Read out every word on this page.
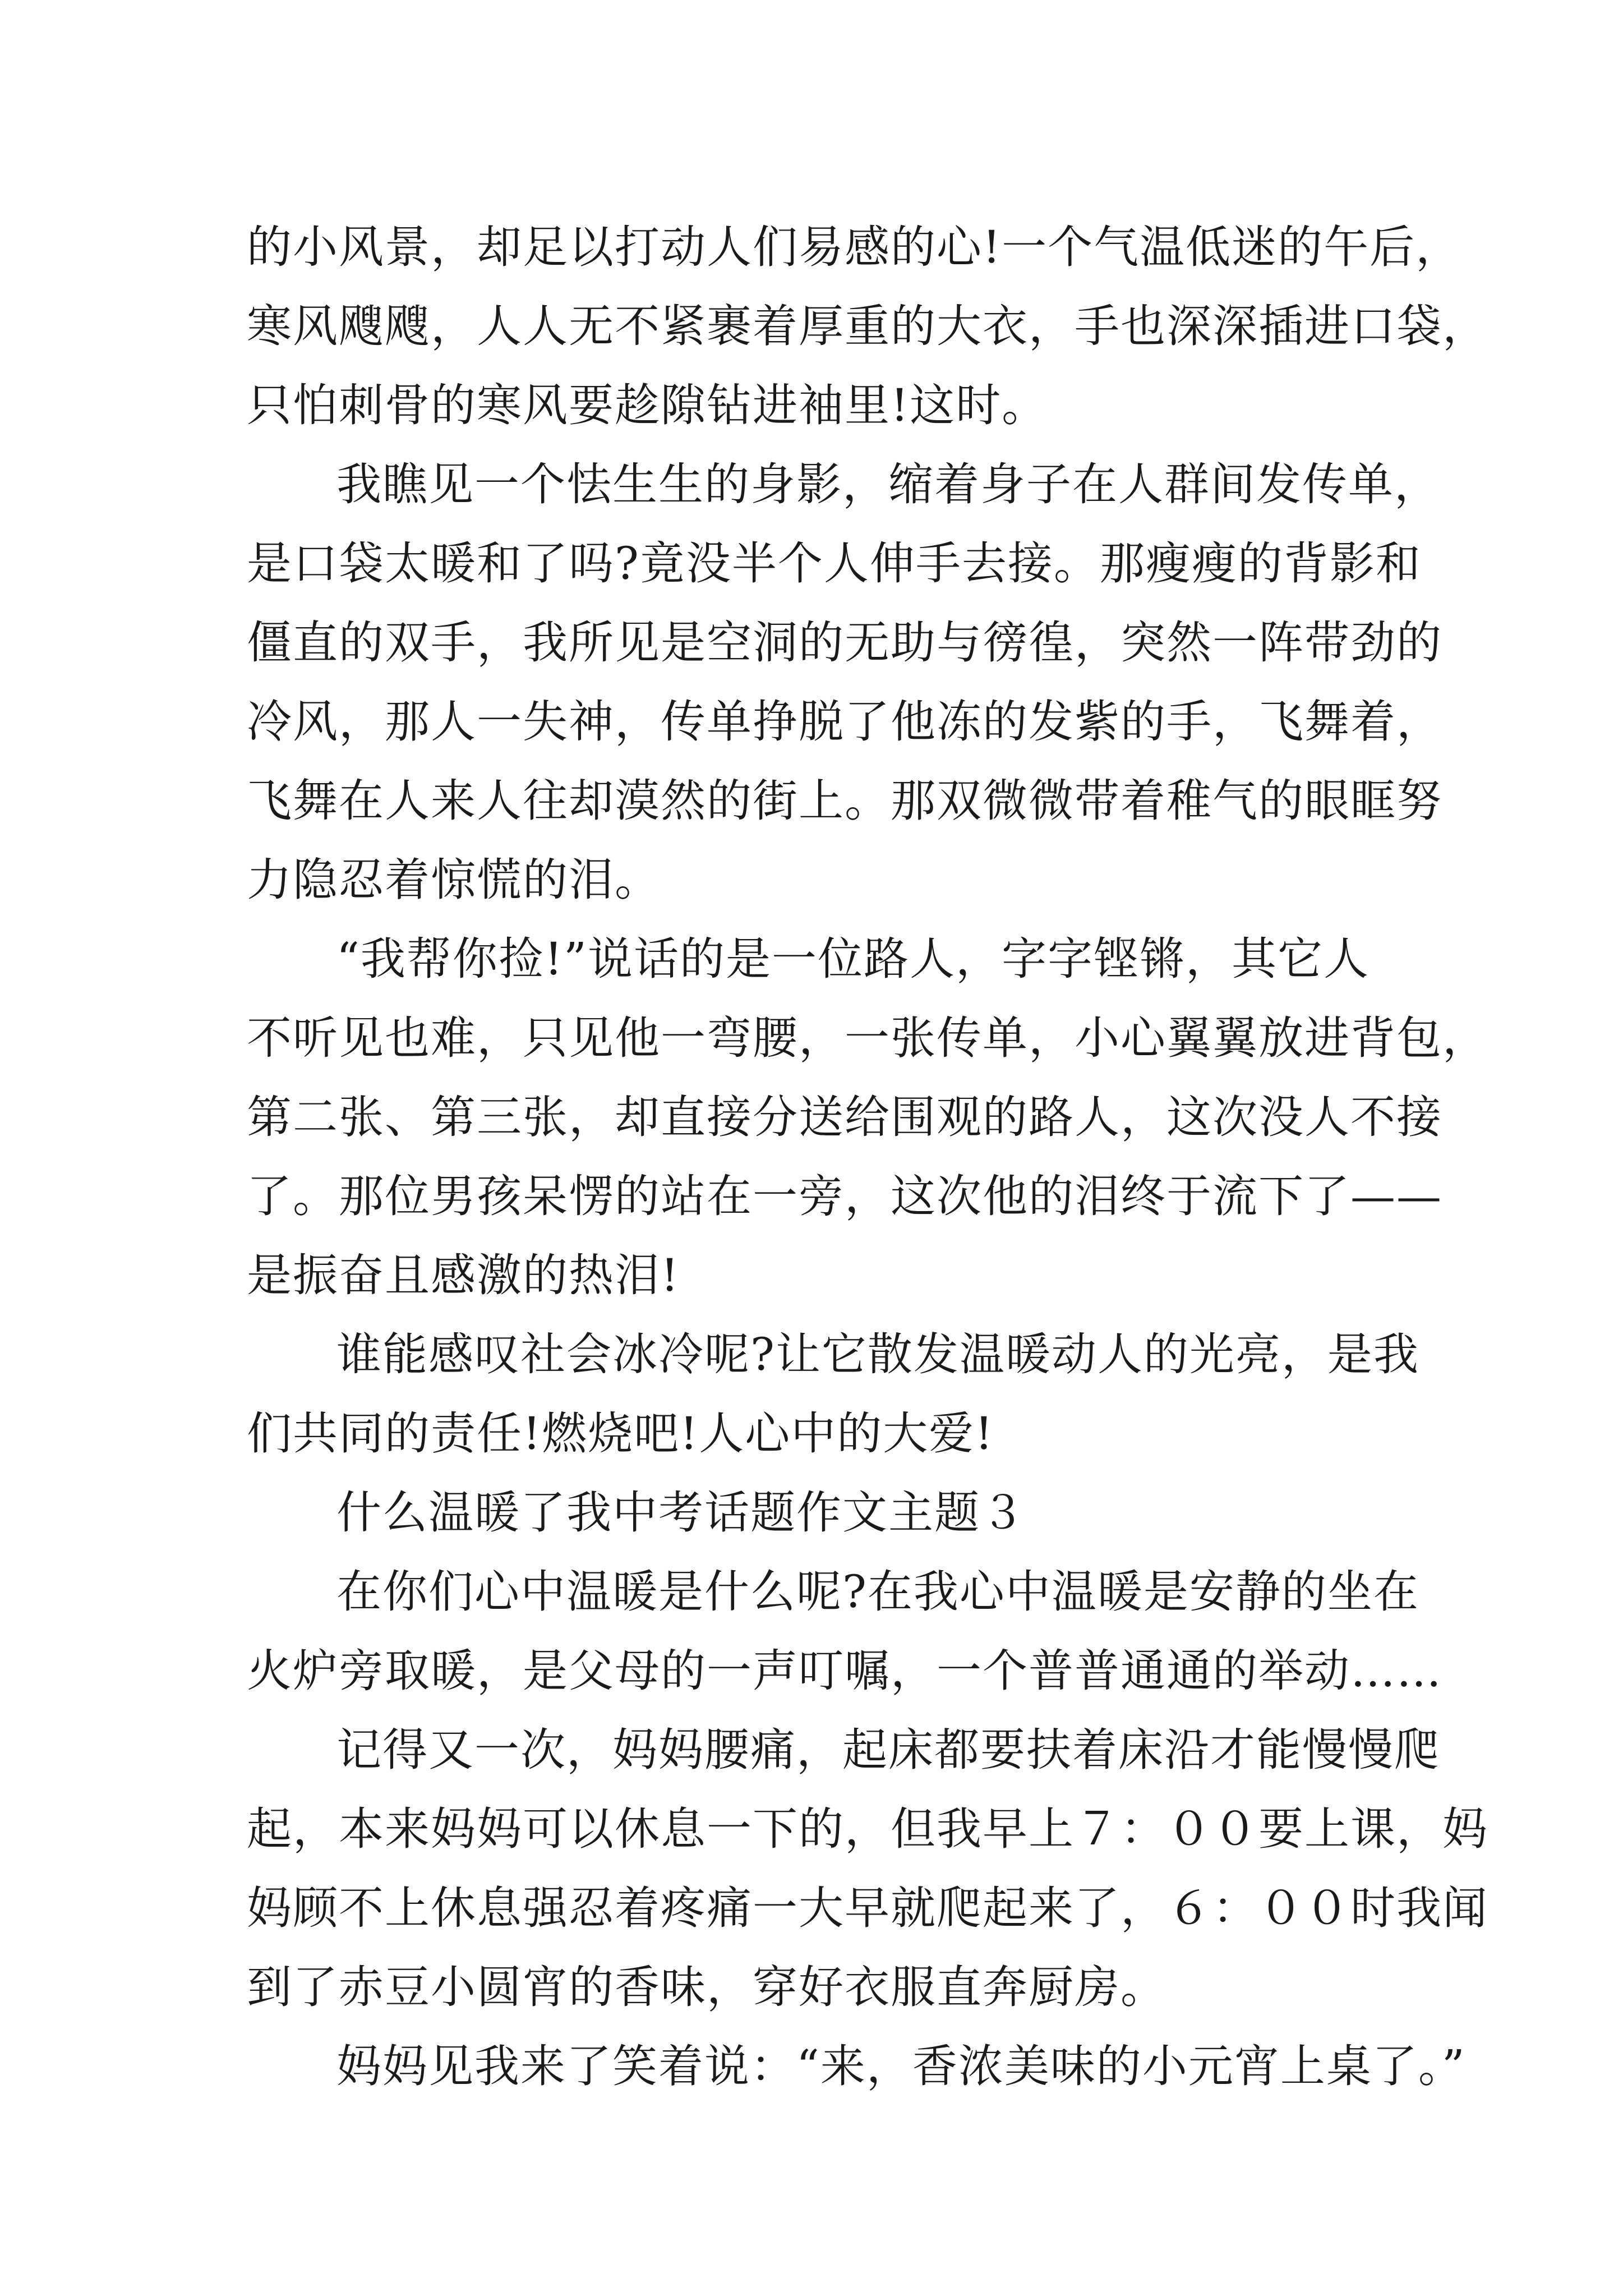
的小风景，却足以打动人们易感的心!一个气温低迷的午后，
寒风飕飕，人人无不紧裹着厚重的大衣，手也深深插进口袋，
只怕刺骨的寒风要趁隙钻进袖里!这时。
我瞧见一个怯生生的身影，缩着身子在人群间发传单，
是口袋太暖和了吗?竟没半个人伸手去接。那瘦瘦的背影和
僵直的双手，我所见是空洞的无助与徬徨，突然一阵带劲的
冷风，那人一失神，传单挣脱了他冻的发紫的手，飞舞着，
飞舞在人来人往却漠然的街上。那双微微带着稚气的眼眶努
力隐忍着惊慌的泪。
“我帮你捡!”说话的是一位路人，字字铿锵，其它人
不听见也难，只见他一弯腰，一张传单，小心翼翼放进背包，
第二张、第三张，却直接分送给围观的路人，这次没人不接
了。那位男孩呆愣的站在一旁，这次他的泪终于流下了——
是振奋且感激的热泪!
谁能感叹社会冰冷呢?让它散发温暖动人的光亮，是我
们共同的责任!燃烧吧!人心中的大爱!
什么温暖了我中考话题作文主题３
在你们心中温暖是什么呢?在我心中温暖是安静的坐在
火炉旁取暖，是父母的一声叮嘱，一个普普通通的举动……
记得又一次，妈妈腰痛，起床都要扶着床沿才能慢慢爬
起，本来妈妈可以休息一下的，但我早上７：００要上课，妈
妈顾不上休息强忍着疼痛一大早就爬起来了，６：００时我闻
到了赤豆小圆宵的香味，穿好衣服直奔厨房。
妈妈见我来了笑着说：“来，香浓美味的小元宵上桌了。”
